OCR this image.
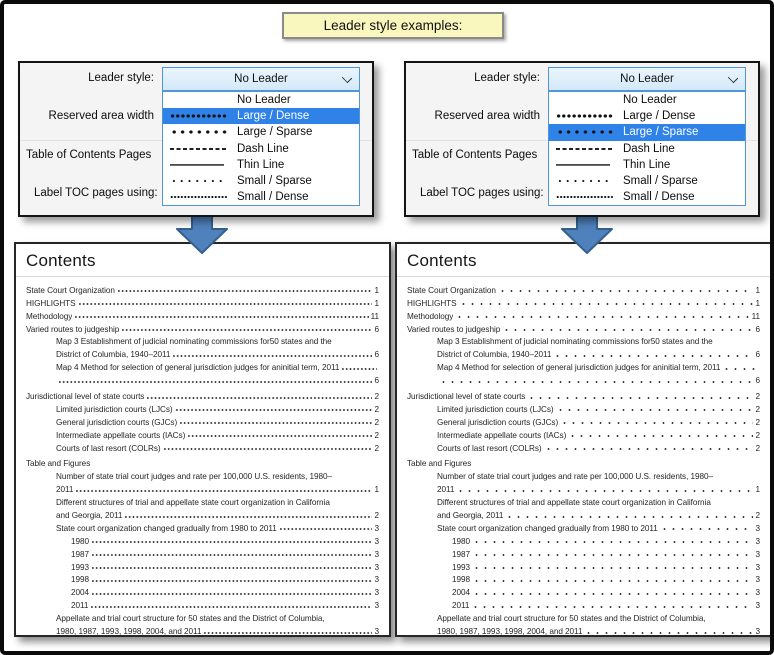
Leader style examples:
Leader style:
Reserved area width
Table of Contents Pages
Label TOC pages using:
No Leader
No Leader
Large / Dense
Large / Sparse
Dash Line
Thin Line
Small / Sparse
Small / Dense
Leader style:
Reserved area width
Table of Contents Pages
Label TOC pages using:
No Leader
No Leader
Large / Dense
Large / Sparse
Dash Line
Thin Line
Small / Sparse
Small / Dense
Contents
State Court Organization	1
HIGHLIGHTS	1
Methodology	11
Varied routes to judgeship	6
Map 3 Establishment of judicial nominating commissions for50 states and the
District of Columbia, 1940–2011	6
Map 4 Method for selection of general jurisdiction judges for aninitial term, 2011
6
Jurisdictional level of state courts	2
Limited jurisdiction courts (LJCs)	2
General jurisdiction courts (GJCs)	2
Intermediate appellate courts (IACs)	2
Courts of last resort (COLRs)	2
Table and Figures
Number of state trial court judges and rate per 100,000 U.S. residents, 1980–
2011	1
Different structures of trial and appellate state court organization in California
and Georgia, 2011	2
State court organization changed gradually from 1980 to 2011	3
1980	3
1987	3
1993	3
1998	3
2004	3
2011	3
Appellate and trial court structure for 50 states and the District of Columbia,
1980, 1987, 1993, 1998, 2004, and 2011	3
Contents
State Court Organization	1
HIGHLIGHTS	1
Methodology	11
Varied routes to judgeship	6
Map 3 Establishment of judicial nominating commissions for50 states and the
District of Columbia, 1940–2011	6
Map 4 Method for selection of general jurisdiction judges for aninitial term, 2011
6
Jurisdictional level of state courts	2
Limited jurisdiction courts (LJCs)	2
General jurisdiction courts (GJCs)	2
Intermediate appellate courts (IACs)	2
Courts of last resort (COLRs)	2
Table and Figures
Number of state trial court judges and rate per 100,000 U.S. residents, 1980–
2011	1
Different structures of trial and appellate state court organization in California
and Georgia, 2011	2
State court organization changed gradually from 1980 to 2011	3
1980	3
1987	3
1993	3
1998	3
2004	3
2011	3
Appellate and trial court structure for 50 states and the District of Columbia,
1980, 1987, 1993, 1998, 2004, and 2011	3
